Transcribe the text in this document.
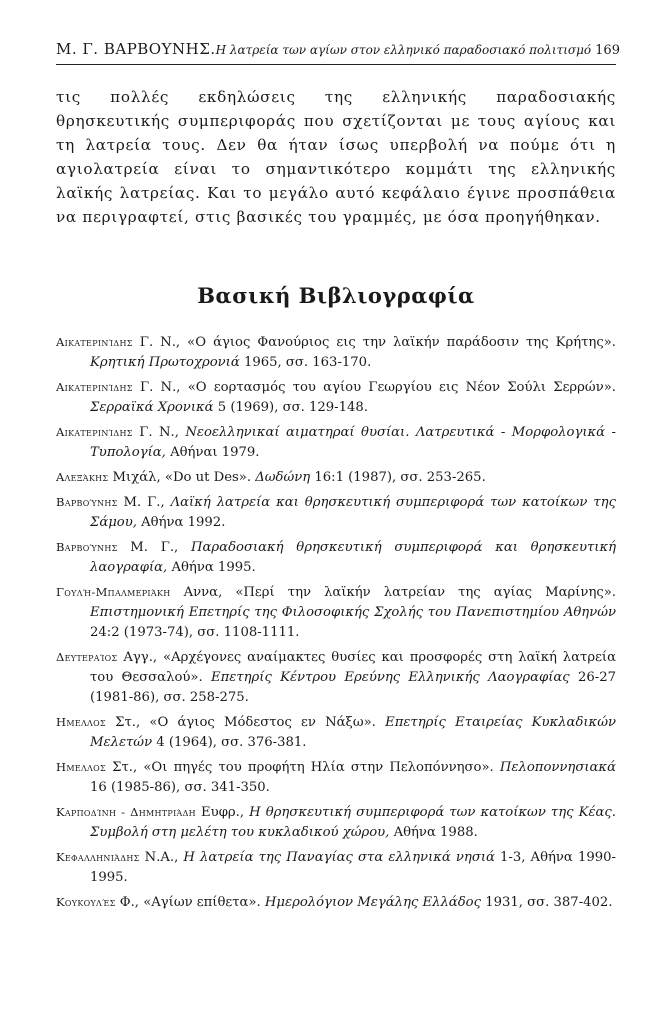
Μ. Γ. ΒΑΡΒΟΥΝΗΣ. Η λατρεία των αγίων στον ελληνικό παραδοσιακό πολιτισμό 169

τις πολλές εκδηλώσεις της ελληνικής παραδοσιακής θρησκευτικής συμπεριφοράς που σχετίζονται με τους αγίους και τη λατρεία τους. Δεν θα ήταν ίσως υπερβολή να πούμε ότι η αγιολατρεία είναι το σημαντικότερο κομμάτι της ελληνικής λαϊκής λατρείας. Και το μεγάλο αυτό κεφάλαιο έγινε προσπάθεια να περιγραφτεί, στις βασικές του γραμμές, με όσα προηγήθηκαν.

Βασική Βιβλιογραφία
Αικατερινίδης Γ. Ν., «Ο άγιος Φανούριος εις την λαϊκήν παράδοσιν της Κρήτης». Κρητική Πρωτοχρονιά 1965, σσ. 163-170.
Αικατερινίδης Γ. Ν., «Ο εορτασμός του αγίου Γεωργίου εις Νέον Σούλι Σερρών». Σερραϊκά Χρονικά 5 (1969), σσ. 129-148.
Αικατερινίδης Γ. Ν., Νεοελληνικαί αιματηραί θυσίαι. Λατρευτικά - Μορφολογικά - Τυπολογία, Αθήναι 1979.
Αλεξάκης Μιχάλ, «Do ut Des». Δωδώνη 16:1 (1987), σσ. 253-265.
Βαρβούνης Μ. Γ., Λαϊκή λατρεία και θρησκευτική συμπεριφορά των κατοίκων της Σάμου, Αθήνα 1992.
Βαρβούνης Μ. Γ., Παραδοσιακή θρησκευτική συμπεριφορά και θρησκευτική λαογραφία, Αθήνα 1995.
Γουλή-Μπαλμεριάκη Αννα, «Περί την λαϊκήν λατρείαν της αγίας Μαρίνης». Επιστημονική Επετηρίς της Φιλοσοφικής Σχολής του Πανεπιστημίου Αθηνών 24:2 (1973-74), σσ. 1108-1111.
Δευτεραίος Αγγ., «Αρχέγονες αναίμακτες θυσίες και προσφορές στη λαϊκή λατρεία του Θεσσαλού». Επετηρίς Κέντρου Ερεύνης Ελληνικής Λαογραφίας 26-27 (1981-86), σσ. 258-275.
Ημελλος Στ., «Ο άγιος Μόδεστος εν Νάξω». Επετηρίς Εταιρείας Κυκλαδικών Μελετών 4 (1964), σσ. 376-381.
Ημελλος Στ., «Οι πηγές του προφήτη Ηλία στην Πελοπόννησο». Πελοποννησιακά 16 (1985-86), σσ. 341-350.
Καρποδίνη - Δημητριάδη Ευφρ., Η θρησκευτική συμπεριφορά των κατοίκων της Κέας. Συμβολή στη μελέτη του κυκλαδικού χώρου, Αθήνα 1988.
Κεφαλληνιάδης Ν.Α., Η λατρεία της Παναγίας στα ελληνικά νησιά 1-3, Αθήνα 1990-1995.
Κουκουλές Φ., «Αγίων επίθετα». Ημερολόγιον Μεγάλης Ελλάδος 1931, σσ. 387-402.
